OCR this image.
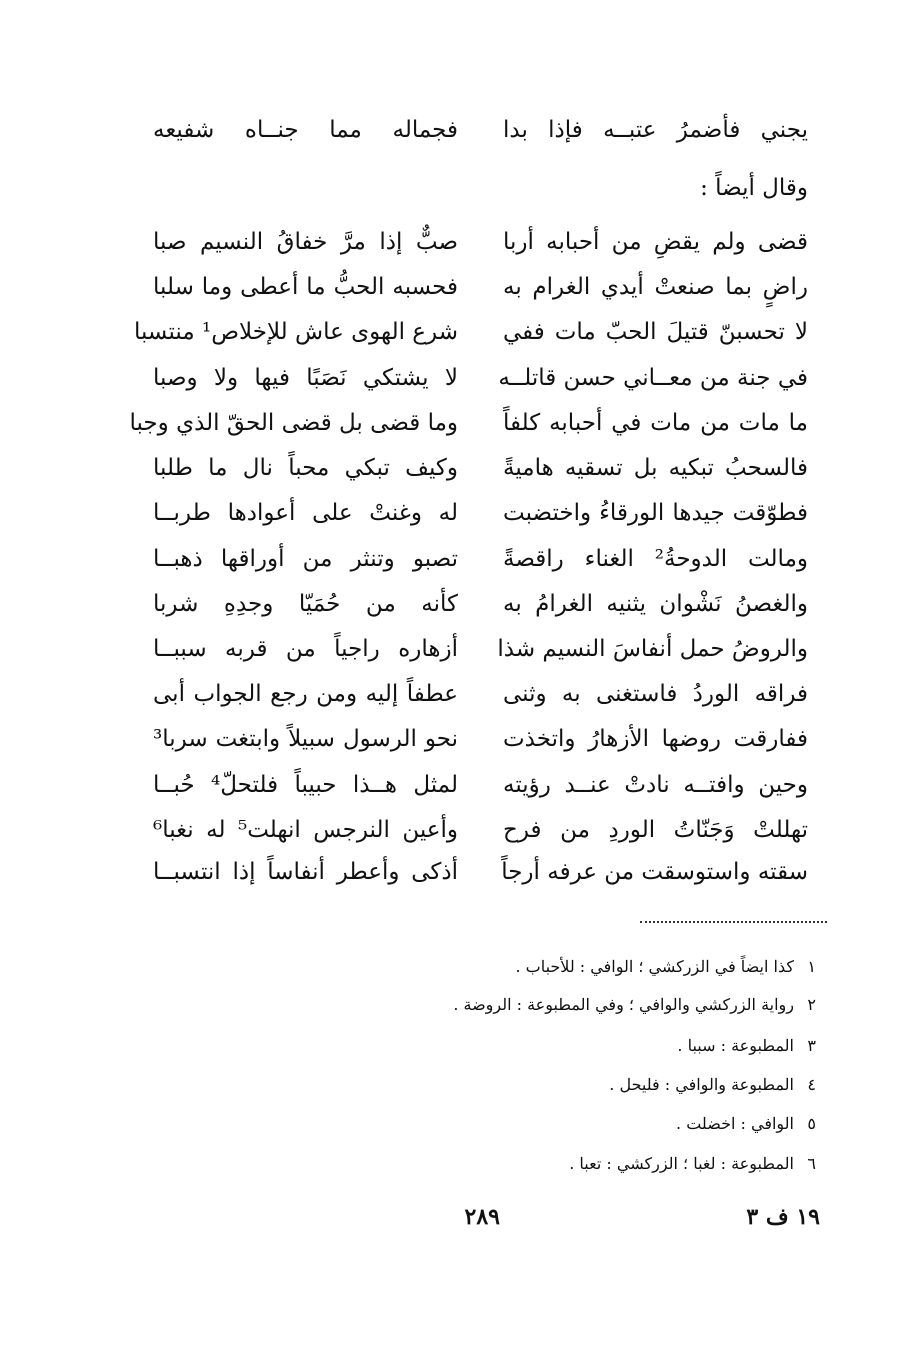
يجني فأضمرُ عتبــه فإذا بدا
فجماله مما جنــاه شفيعه
وقال أيضاً :
قضى ولم يقضِ من أحبابه أربا
صبٌّ إذا مرَّ خفاقُ النسيم صبا
راضٍ بما صنعتْ أيدي الغرام به
فحسبه الحبُّ ما أعطى وما سلبا
لا تحسبنّ قتيلَ الحبّ مات ففي
شرع الهوى عاش للإخلاص¹ منتسبا
في جنة من معــاني حسن قاتلــه
لا يشتكي نَصَبًا فيها ولا وصبا
ما مات من مات في أحبابه كلفاً
وما قضى بل قضى الحقّ الذي وجبا
فالسحبُ تبكيه بل تسقيه هاميةً
وكيف تبكي محباً نال ما طلبا
فطوّقت جيدها الورقاءُ واختضبت
له وغنتْ على أعوادها طربــا
ومالت الدوحةُ² الغناء راقصةً
تصبو وتنثر من أوراقها ذهبــا
والغصنُ نَشْوان يثنيه الغرامُ به
كأنه من حُمَيّا وجدِهِ شربا
والروضُ حمل أنفاسَ النسيم شذا
أزهاره راجياً من قربه سببــا
فراقه الوردُ فاستغنى به وثنى
عطفاً إليه ومن رجع الجواب أبى
ففارقت روضها الأزهارُ واتخذت
نحو الرسول سبيلاً وابتغت سربا³
وحين وافتــه نادتْ عنــد رؤيته
لمثل هــذا حبيباً فلتحلّ⁴ حُبــا
تهللتْ وَجَنّاتُ الوردِ من فرح
وأعين النرجس انهلت⁵ له نغبا⁶
سقته واستوسقت من عرفه أرجاً
أذكى وأعطر أنفاساً إذا انتسبــا
١كذا ايضاً في الزركشي ؛ الوافي : للأحباب .
٢رواية الزركشي والوافي ؛ وفي المطبوعة : الروضة .
٣المطبوعة : سببا .
٤المطبوعة والوافي : فليحل .
٥الوافي : اخضلت .
٦المطبوعة : لغبا ؛ الزركشي : تعبا .
١٩ ف ٣
٢٨٩
